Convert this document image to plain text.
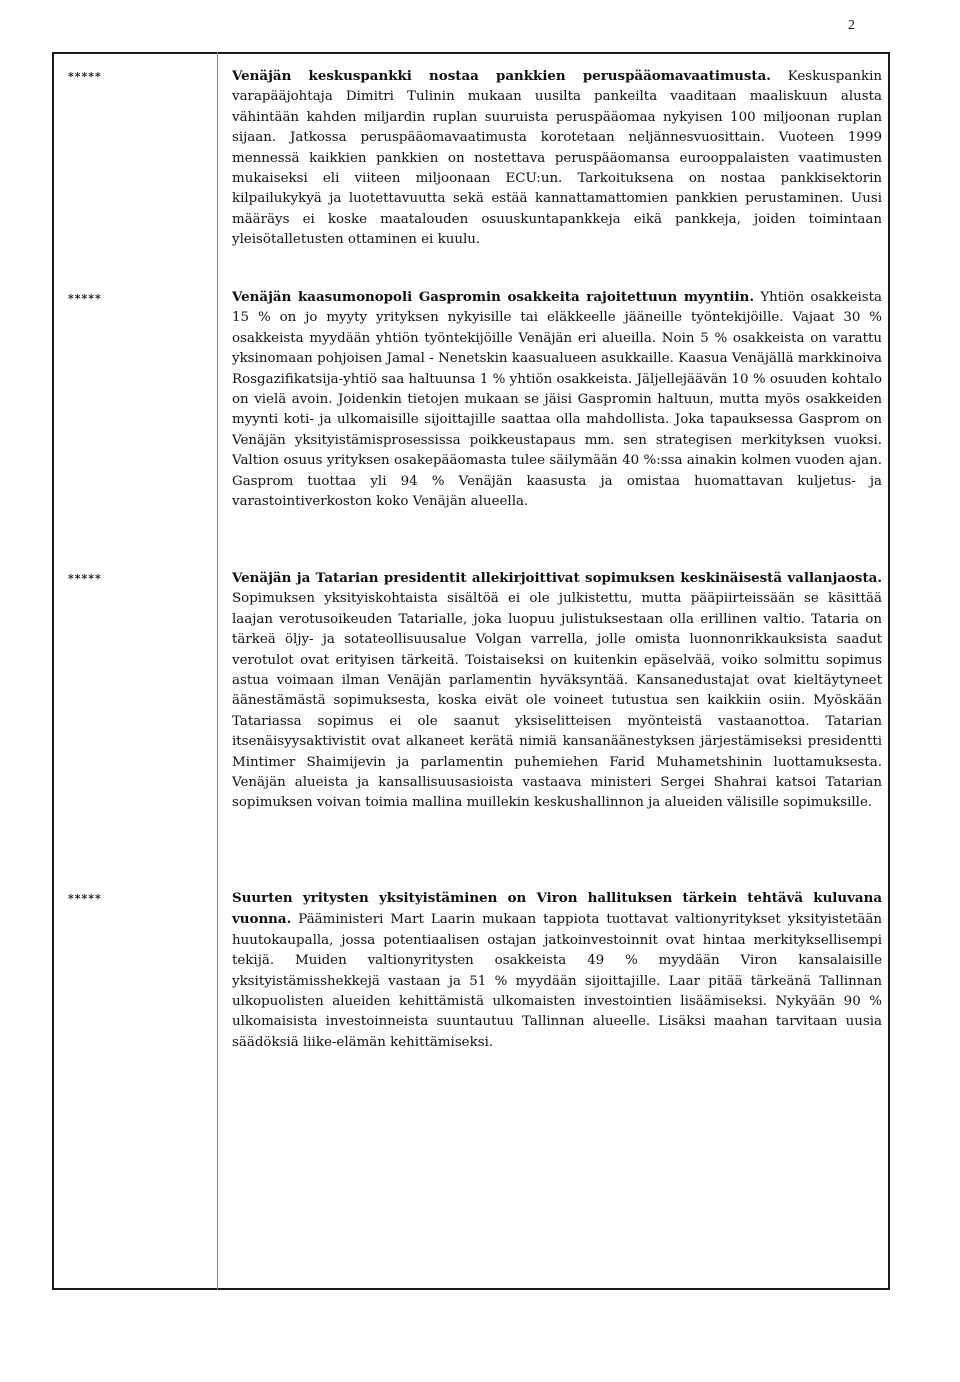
2
*****	Venäjän keskuspankki nostaa pankkien peruspääomavaatimusta. Keskuspankin varapääjohtaja Dimitri Tulinin mukaan uusilta pankeilta vaaditaan maaliskuun alusta vähintään kahden miljardin ruplan suuruista peruspääomaa nykyisen 100 miljoonan ruplan sijaan. Jatkossa peruspääomavaatimusta korotetaan neljännesvuosittain. Vuoteen 1999 mennessä kaikkien pankkien on nostettava peruspääomansa eurooppalaisten vaatimusten mukaiseksi eli viiteen miljoonaan ECU:un. Tarkoituksena on nostaa pankkisektorin kilpailukykyä ja luotettavuutta sekä estää kannattamattomien pankkien perustaminen. Uusi määräys ei koske maatalouden osuuskuntapankkeja eikä pankkeja, joiden toimintaan yleisötalletusten ottaminen ei kuulu.
*****	Venäjän kaasumonopoli Gaspromin osakkeita rajoitettuun myyntiin. Yhtiön osakkeista 15 % on jo myyty yrityksen nykyisille tai eläkkeelle jääneille työntekijöille. Vajaat 30 % osakkeista myydään yhtiön työntekijöille Venäjän eri alueilla. Noin 5 % osakkeista on varattu yksinomaan pohjoisen Jamal - Nenetskin kaasualueen asukkaille. Kaasua Venäjällä markkinoiva Rosgazifikatsija-yhtiö saa haltuunsa 1 % yhtiön osakkeista. Jäljellejäävän 10 % osuuden kohtalo on vielä avoin. Joidenkin tietojen mukaan se jäisi Gaspromin haltuun, mutta myös osakkeiden myynti koti- ja ulkomaisille sijoittajille saattaa olla mahdollista. Joka tapauksessa Gasprom on Venäjän yksityistämisprosessissa poikkeustapaus mm. sen strategisen merkityksen vuoksi. Valtion osuus yrityksen osakepääomasta tulee säilymään 40 %:ssa ainakin kolmen vuoden ajan. Gasprom tuottaa yli 94 % Venäjän kaasusta ja omistaa huomattavan kuljetus- ja varastointiverkoston koko Venäjän alueella.
*****	Venäjän ja Tatarian presidentit allekirjoittivat sopimuksen keskinäisestä vallanjaosta. Sopimuksen yksityiskohtaista sisältöä ei ole julkistettu, mutta pääpiirteissään se käsittää laajan verotusoikeuden Tatarialle, joka luopuu julistuksestaan olla erillinen valtio. Tataria on tärkeä öljy- ja sotateollisuusalue Volgan varrella, jolle omista luonnonrikkauksista saadut verotulot ovat erityisen tärkeitä. Toistaiseksi on kuitenkin epäselvää, voiko solmittu sopimus astua voimaan ilman Venäjän parlamentin hyväksyntää. Kansanedustajat ovat kieltäytyneet äänestämästä sopimuksesta, koska eivät ole voineet tutustua sen kaikkiin osiin. Myöskään Tatariassa sopimus ei ole saanut yksiselitteisen myönteistä vastaanottoa. Tatarian itsenäisyysaktivistit ovat alkaneet kerätä nimiä kansanäänestyksen järjestämiseksi presidentti Mintimer Shaimijevin ja parlamentin puhemiehen Farid Muhametshinin luottamuksesta. Venäjän alueista ja kansallisuusasioista vastaava ministeri Sergei Shahrai katsoi Tatarian sopimuksen voivan toimia mallina muillekin keskushallinnon ja alueiden välisille sopimuksille.
*****	Suurten yritysten yksityistäminen on Viron hallituksen tärkein tehtävä kuluvana vuonna. Pääministeri Mart Laarin mukaan tappiota tuottavat valtionyritykset yksityistetään huutokaupalla, jossa potentiaalisen ostajan jatkoinvestoinnit ovat hintaa merkityksellisempi tekijä. Muiden valtionyritysten osakkeista 49 % myydään Viron kansalaisille yksityistämisshekkejä vastaan ja 51 % myydään sijoittajille. Laar pitää tärkeänä Tallinnan ulkopuolisten alueiden kehittämistä ulkomaisten investointien lisäämiseksi. Nykyään 90 % ulkomaisista investoinneista suuntautuu Tallinnan alueelle. Lisäksi maahan tarvitaan uusia säädöksiä liike-elämän kehittämiseksi.
